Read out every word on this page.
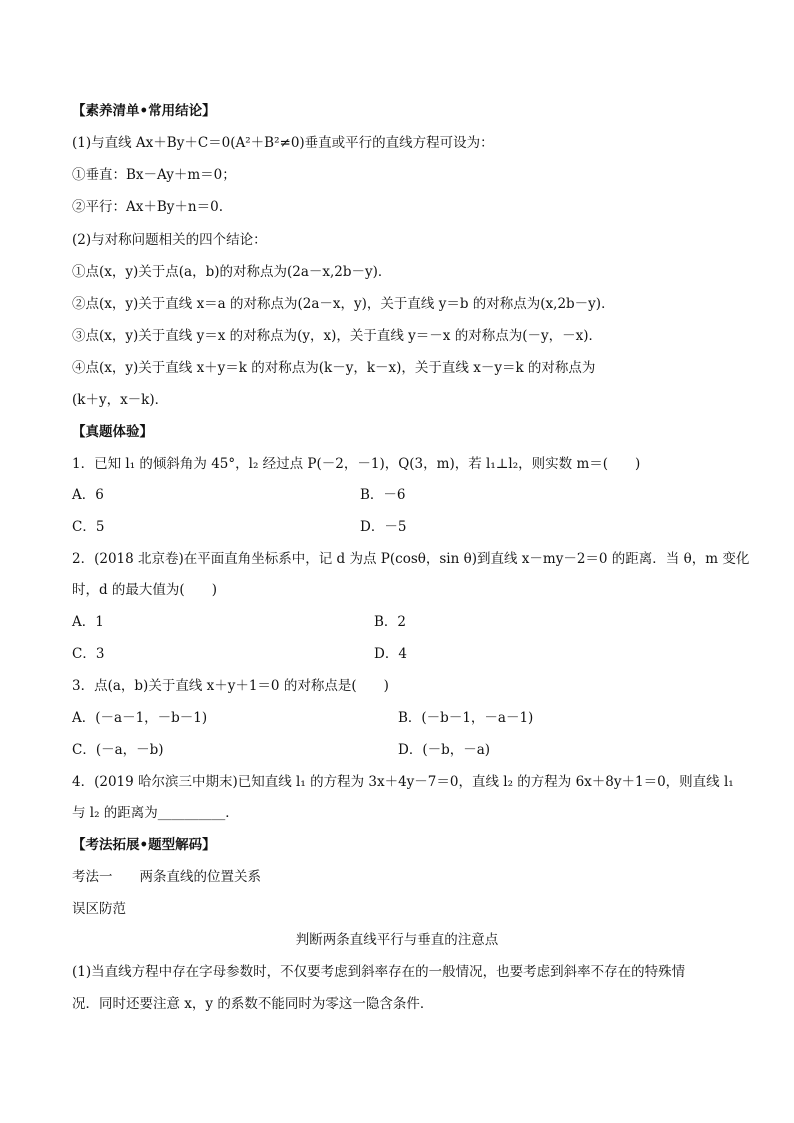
【素养清单•常用结论】
(1)与直线 Ax＋By＋C＝0(A²＋B²≠0)垂直或平行的直线方程可设为：
①垂直：Bx－Ay＋m＝0；
②平行：Ax＋By＋n＝0.
(2)与对称问题相关的四个结论：
①点(x，y)关于点(a，b)的对称点为(2a－x,2b－y)．
②点(x，y)关于直线 x＝a 的对称点为(2a－x，y)，关于直线 y＝b 的对称点为(x,2b－y)．
③点(x，y)关于直线 y＝x 的对称点为(y，x)，关于直线 y＝－x 的对称点为(－y，－x)．
④点(x，y)关于直线 x＋y＝k 的对称点为(k－y，k－x)，关于直线 x－y＝k 的对称点为
(k＋y，x－k)．
【真题体验】
1．已知 l₁ 的倾斜角为 45°，l₂ 经过点 P(－2，－1)，Q(3，m)，若 l₁⊥l₂，则实数 m＝(　　)
A．6	B．－6
C．5	D．－5
2．(2018 北京卷)在平面直角坐标系中，记 d 为点 P(cosθ，sin θ)到直线 x－my－2＝0 的距离．当 θ，m 变化
时，d 的最大值为(　　)
A．1	B．2
C．3	D．4
3．点(a，b)关于直线 x＋y＋1＝0 的对称点是(　　)
A．(－a－1，－b－1)	B．(－b－1，－a－1)
C．(－a，－b)	D．(－b，－a)
4．(2019 哈尔滨三中期末)已知直线 l₁ 的方程为 3x＋4y－7＝0，直线 l₂ 的方程为 6x＋8y＋1＝0，则直线 l₁
与 l₂ 的距离为__________．
【考法拓展•题型解码】
考法一　　两条直线的位置关系
误区防范
判断两条直线平行与垂直的注意点
(1)当直线方程中存在字母参数时，不仅要考虑到斜率存在的一般情况，也要考虑到斜率不存在的特殊情
况．同时还要注意 x，y 的系数不能同时为零这一隐含条件．
